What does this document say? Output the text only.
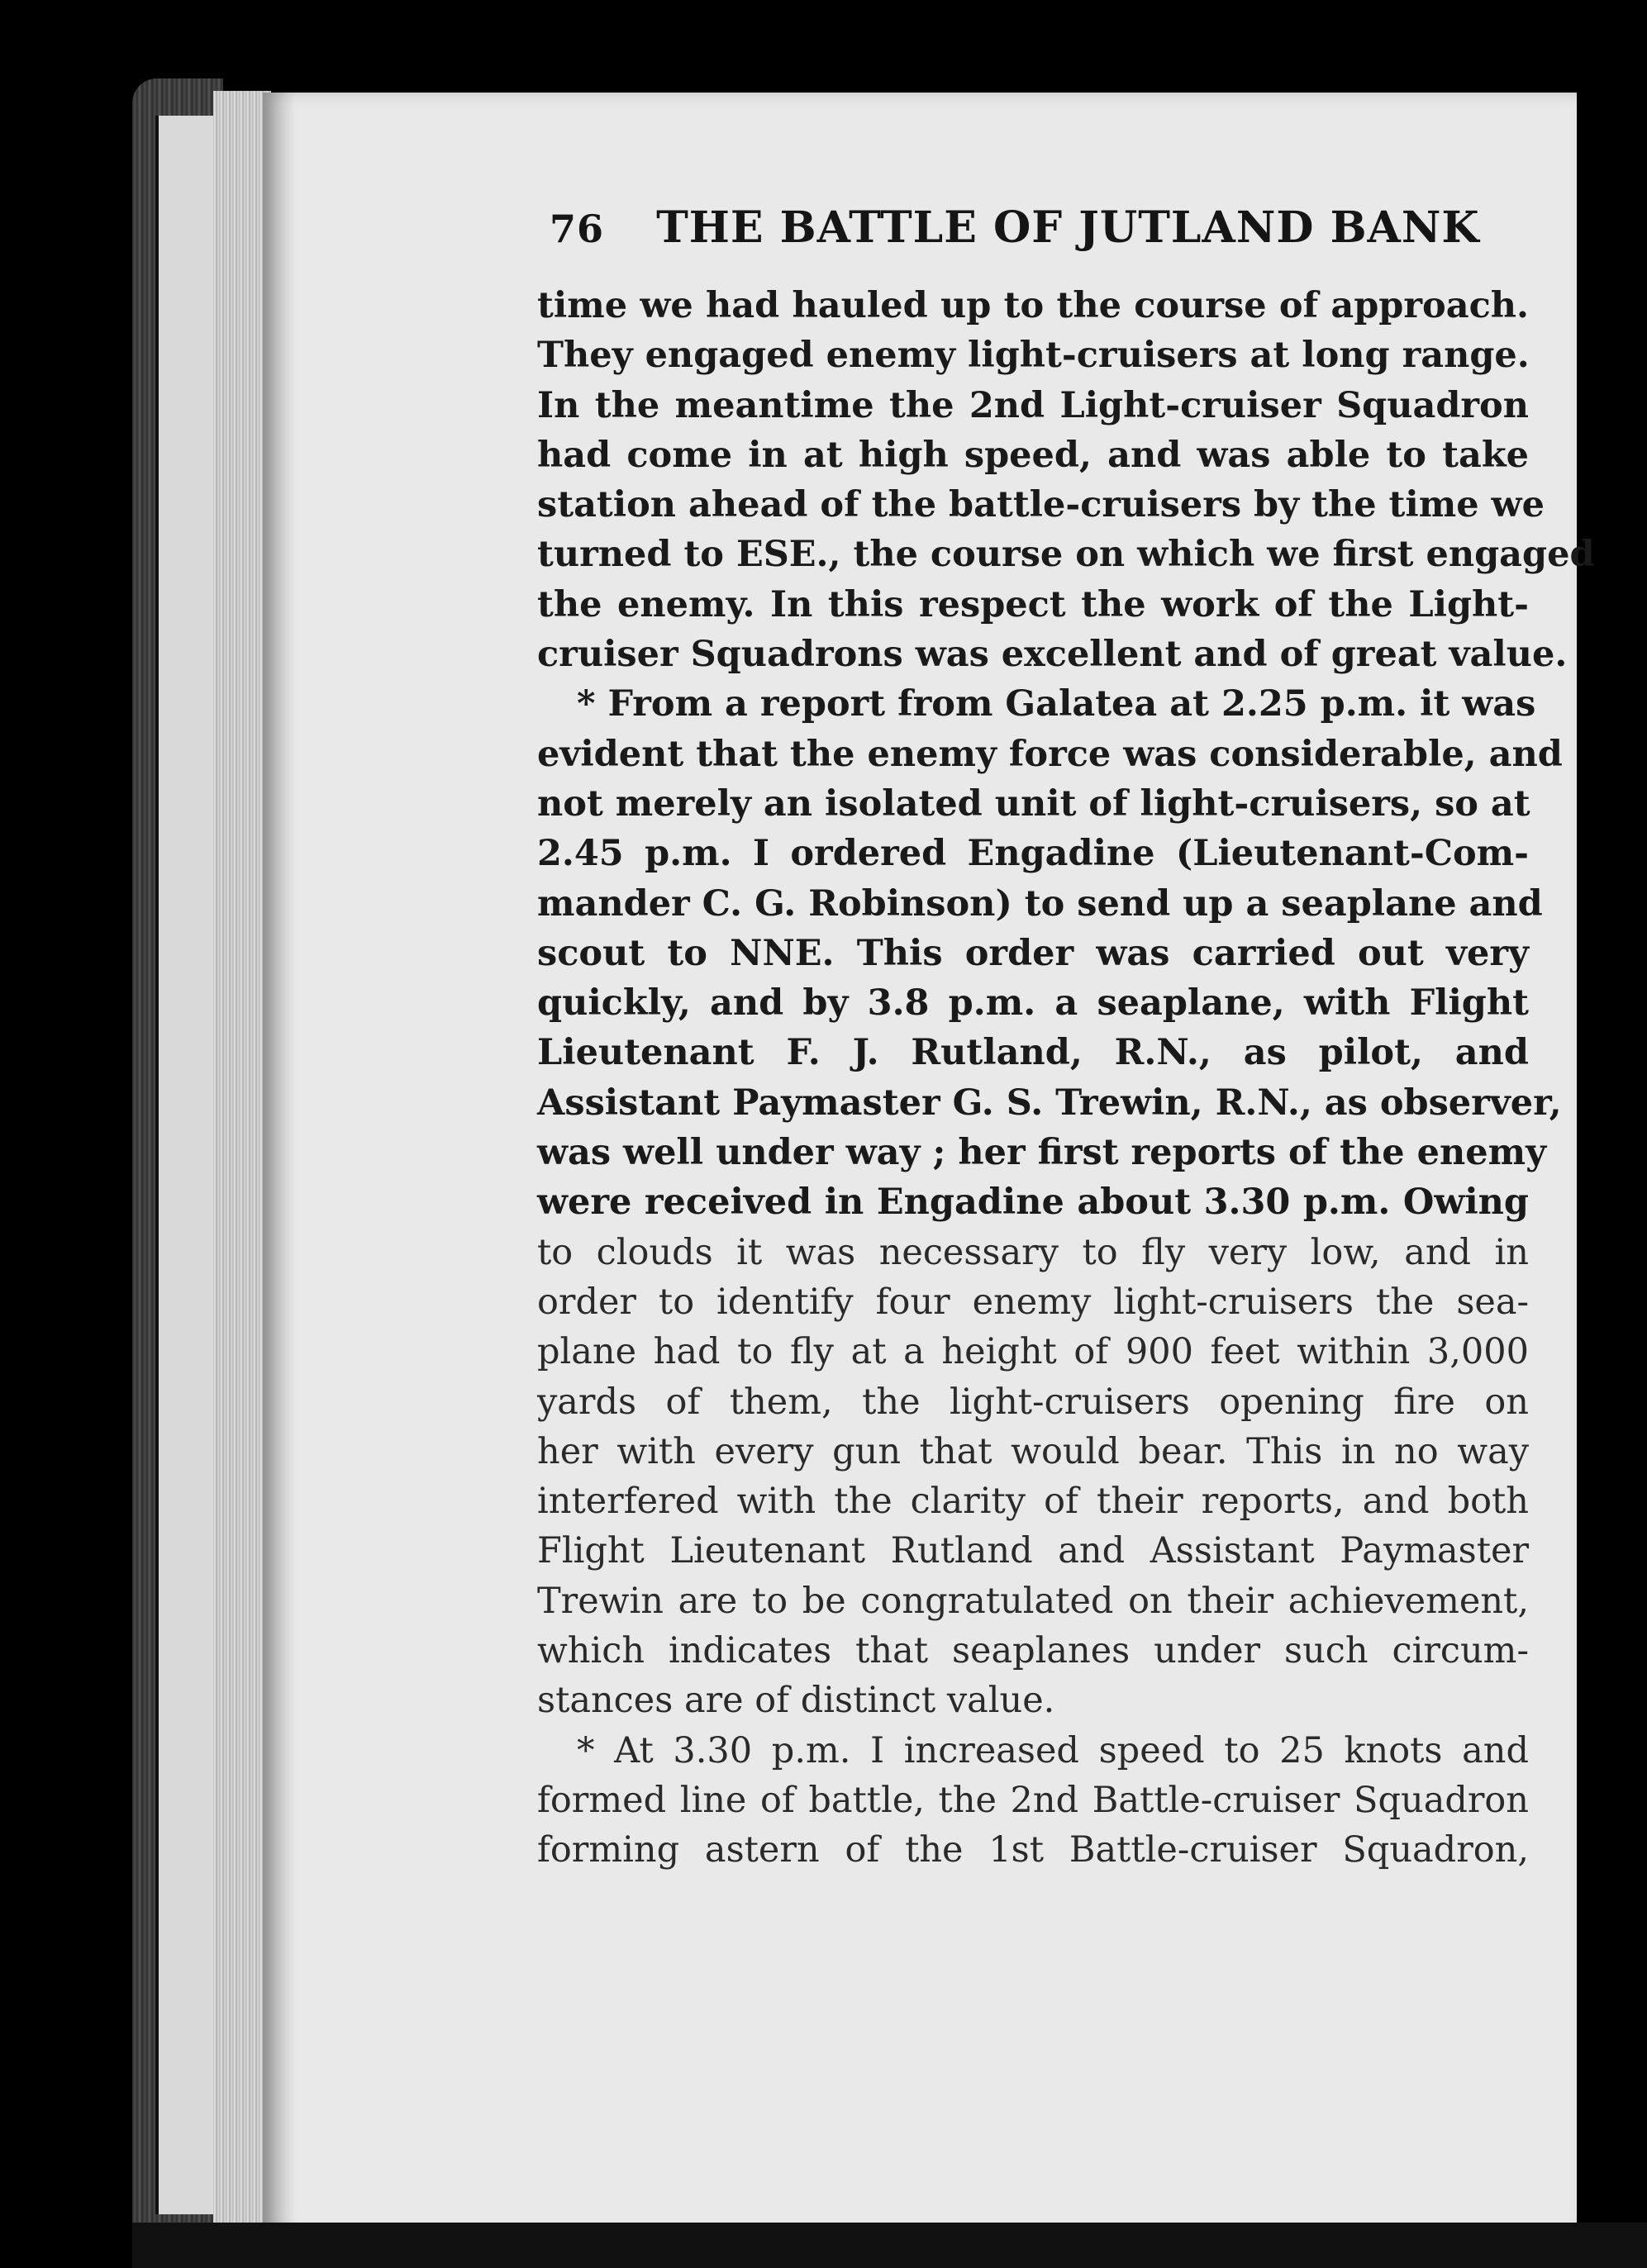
76 THE BATTLE OF JUTLAND BANK
time we had hauled up to the course of approach.
They engaged enemy light-cruisers at long range.
In the meantime the 2nd Light-cruiser Squadron
had come in at high speed, and was able to take
station ahead of the battle-cruisers by the time we
turned to ESE., the course on which we first engaged
the enemy. In this respect the work of the Light-
cruiser Squadrons was excellent and of great value.
* From a report from Galatea at 2.25 p.m. it was
evident that the enemy force was considerable, and
not merely an isolated unit of light-cruisers, so at
2.45 p.m. I ordered Engadine (Lieutenant-Com-
mander C. G. Robinson) to send up a seaplane and
scout to NNE. This order was carried out very
quickly, and by 3.8 p.m. a seaplane, with Flight
Lieutenant F. J. Rutland, R.N., as pilot, and
Assistant Paymaster G. S. Trewin, R.N., as observer,
was well under way ; her first reports of the enemy
were received in Engadine about 3.30 p.m. Owing
to clouds it was necessary to fly very low, and in
order to identify four enemy light-cruisers the sea-
plane had to fly at a height of 900 feet within 3,000
yards of them, the light-cruisers opening fire on
her with every gun that would bear. This in no way
interfered with the clarity of their reports, and both
Flight Lieutenant Rutland and Assistant Paymaster
Trewin are to be congratulated on their achievement,
which indicates that seaplanes under such circum-
stances are of distinct value.
* At 3.30 p.m. I increased speed to 25 knots and
formed line of battle, the 2nd Battle-cruiser Squadron
forming astern of the 1st Battle-cruiser Squadron,
